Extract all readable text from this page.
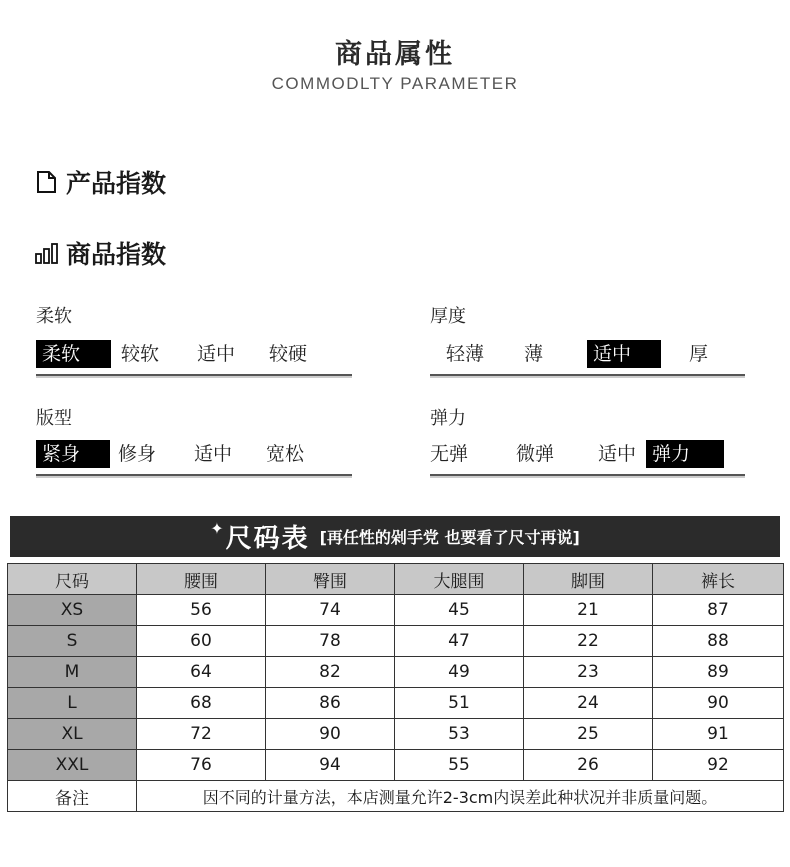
商品属性
COMMODLTY PARAMETER
产品指数
商品指数
柔软
柔软	较软	适中	较硬
厚度
轻薄	薄	适中	厚
版型
紧身	修身	适中	宽松
弹力
无弹	微弹	适中 弹力
✦ 尺码表 [再任性的剁手党 也要看了尺寸再说]
尺码	腰围	臀围	大腿围	脚围	裤长
XS	56	74	45	21	87
S	60	78	47	22	88
M	64	82	49	23	89
L	68	86	51	24	90
XL	72	90	53	25	91
XXL	76	94	55	26	92
备注	因不同的计量方法，本店测量允许2-3cm内误差此种状况并非质量问题。				
